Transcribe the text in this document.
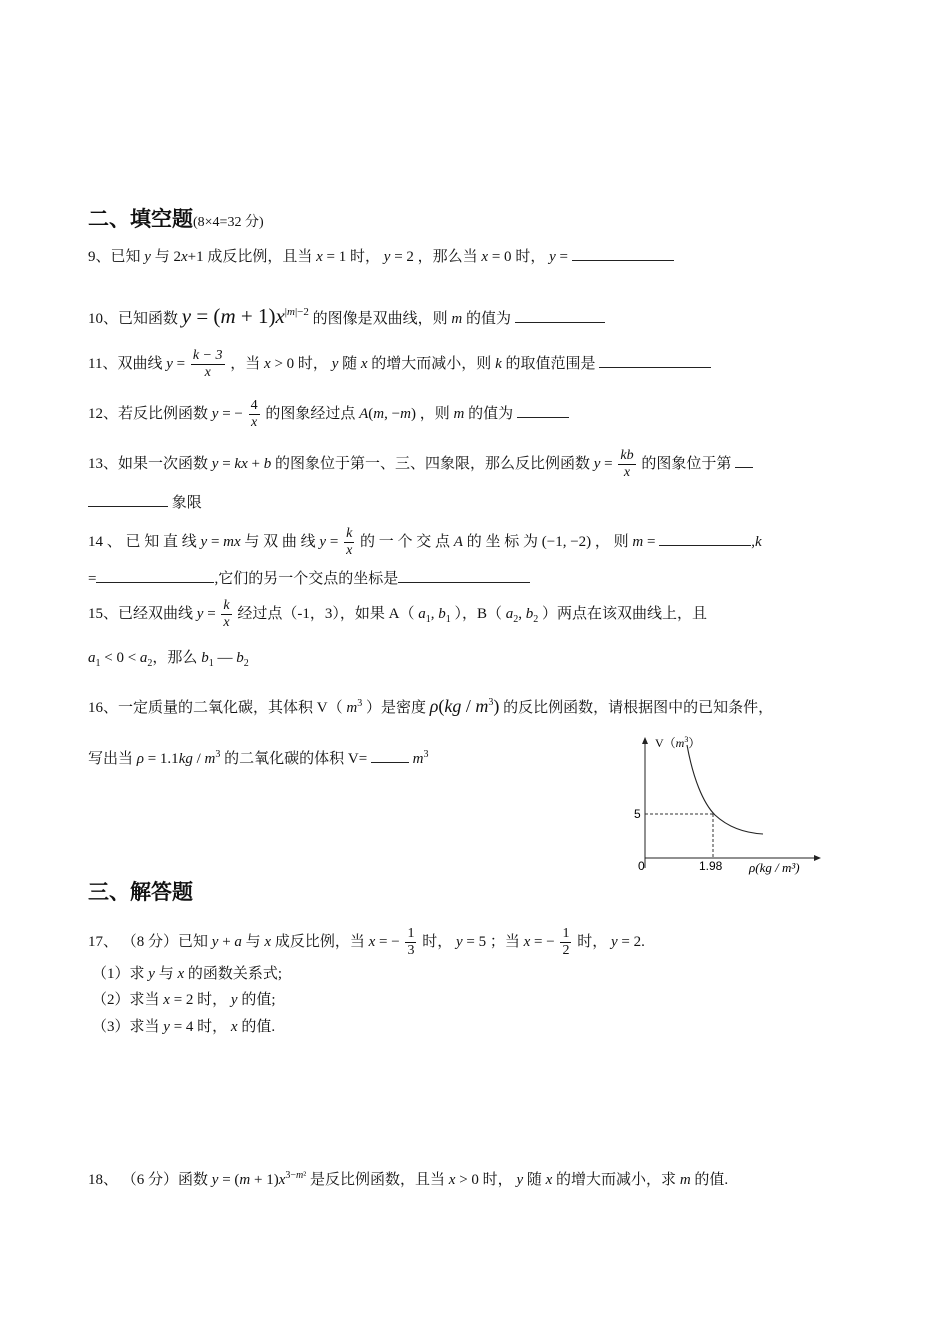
二、填空题(8×4=32 分)
9、已知 y 与 2x+1 成反比例，且当 x = 1 时， y = 2 ，那么当 x = 0 时， y =
10、已知函数 $y = (m + 1)x^{|m|-2}$ 的图像是双曲线，则 m 的值为
11、双曲线 $y = \frac{k - 3}{x}$ ，当 x > 0 时， y 随 x 的增大而减小，则 k 的取值范围是
12、若反比例函数 y = − $\frac{4}{x}$ 的图象经过点 A(m, −m) ，则 m 的值为
13、如果一次函数 y = kx + b 的图象位于第一、三、四象限，那么反比例函数 $y = \frac{kb}{x}$ 的图象位于第
象限
14 、 已 知 直 线 y = mx 与 双 曲 线 $y = \frac{k}{x}$ 的 一 个 交 点 A 的 坐 标 为 (−1, −2) ， 则 m =	,k
=	,它们的另一个交点的坐标是
15、已经双曲线 $y = \frac{k}{x}$ 经过点（-1，3），如果 A（ $a_1$, $b_1$ ），B（ $a_2$, $b_2$ ）两点在该双曲线上，且
$a_1 < 0 < a_2$，那么 $b_1$ — $b_2$
16、一定质量的二氧化碳，其体积 V（ $m^3$ ）是密度 $\rho(kg / m^3)$ 的反比例函数，请根据图中的已知条件，
写出当 $\rho = 1.1kg / m^3$ 的二氧化碳的体积 V=	$m^3$
$V(m^3)$
5
0	1.98 ρ(kg / m³)
三、解答题
17、 （8 分）已知 y + a 与 x 成反比例，当 x = − $\frac{1}{3}$ 时， y = 5 ；当 x = − $\frac{1}{2}$ 时， y = 2.
（1）求 y 与 x 的函数关系式;
（2）求当 x = 2 时， y 的值;
（3）求当 y = 4 时， x 的值.
18、 （6 分）函数 $y = (m + 1)x^{3-m^2}$ 是反比例函数，且当 x > 0 时， y 随 x 的增大而减小，求 m 的值.
